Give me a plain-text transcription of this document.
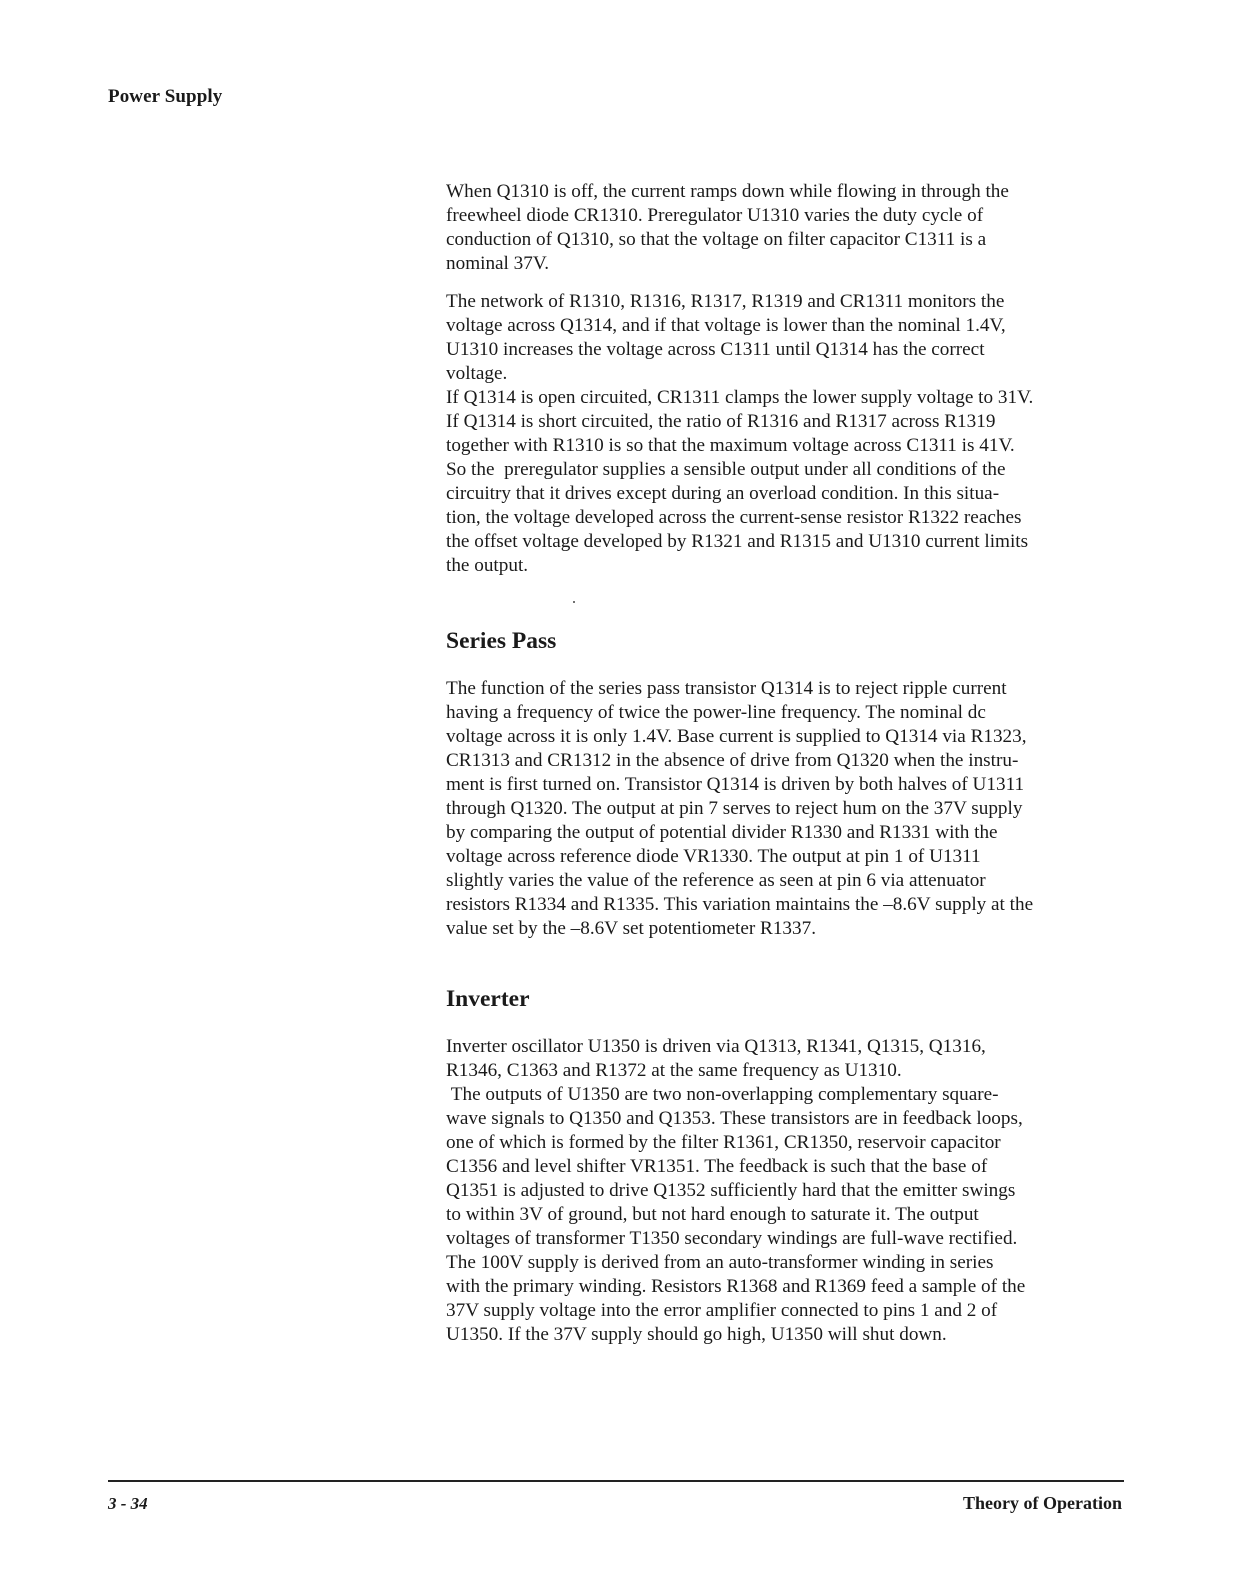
Power Supply

When Q1310 is off, the current ramps down while flowing in through the

freewheel diode CR1310. Preregulator U1310 varies the duty cycle of

conduction of Q1310, so that the voltage on filter capacitor C1311 is a

nominal 37V.

The network of R1310, R1316, R1317, R1319 and CR1311 monitors the

voltage across Q1314, and if that voltage is lower than the nominal 1.4V,

U1310 increases the voltage across C1311 until Q1314 has the correct

voltage.

If Q1314 is open circuited, CR1311 clamps the lower supply voltage to 31V.

If Q1314 is short circuited, the ratio of R1316 and R1317 across R1319

together with R1310 is so that the maximum voltage across C1311 is 41V.

So the  preregulator supplies a sensible output under all conditions of the

circuitry that it drives except during an overload condition. In this situa-

tion, the voltage developed across the current-sense resistor R1322 reaches

the offset voltage developed by R1321 and R1315 and U1310 current limits

the output.

Series Pass

The function of the series pass transistor Q1314 is to reject ripple current

having a frequency of twice the power-line frequency. The nominal dc

voltage across it is only 1.4V. Base current is supplied to Q1314 via R1323,

CR1313 and CR1312 in the absence of drive from Q1320 when the instru-

ment is first turned on. Transistor Q1314 is driven by both halves of U1311

through Q1320. The output at pin 7 serves to reject hum on the 37V supply

by comparing the output of potential divider R1330 and R1331 with the

voltage across reference diode VR1330. The output at pin 1 of U1311

slightly varies the value of the reference as seen at pin 6 via attenuator

resistors R1334 and R1335. This variation maintains the –8.6V supply at the

value set by the –8.6V set potentiometer R1337.

Inverter

Inverter oscillator U1350 is driven via Q1313, R1341, Q1315, Q1316,

R1346, C1363 and R1372 at the same frequency as U1310.

The outputs of U1350 are two non-overlapping complementary square-

wave signals to Q1350 and Q1353. These transistors are in feedback loops,

one of which is formed by the filter R1361, CR1350, reservoir capacitor

C1356 and level shifter VR1351. The feedback is such that the base of

Q1351 is adjusted to drive Q1352 sufficiently hard that the emitter swings

to within 3V of ground, but not hard enough to saturate it. The output

voltages of transformer T1350 secondary windings are full-wave rectified.

The 100V supply is derived from an auto-transformer winding in series

with the primary winding. Resistors R1368 and R1369 feed a sample of the

37V supply voltage into the error amplifier connected to pins 1 and 2 of

U1350. If the 37V supply should go high, U1350 will shut down.

3 - 34	Theory of Operation
